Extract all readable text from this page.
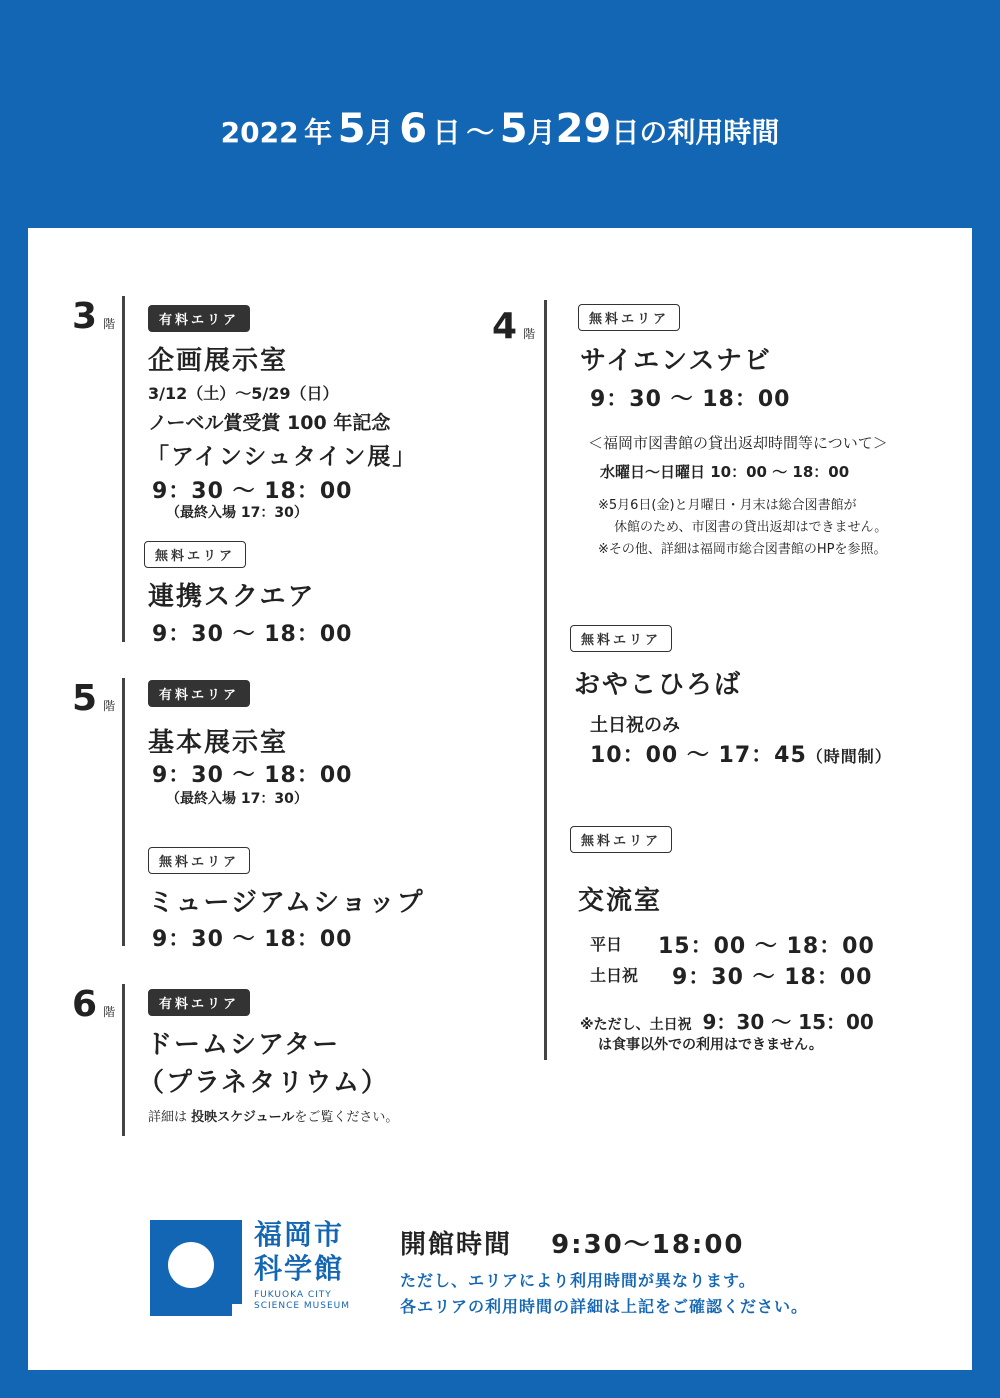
2022 年 5月 6 日 ～ 5月29日の利用時間
3 階	有料エリア
企画展示室
3/12（土）～5/29（日）
ノーベル賞受賞 100 年記念
「アインシュタイン展」
9：30 ～ 18：00
（最終入場 17：30）
無料エリア
連携スクエア
9：30 ～ 18：00
5 階
有料エリア
基本展示室
9：30 ～ 18：00
（最終入場 17：30）
無料エリア
ミュージアムショップ
9：30 ～ 18：00
6 階	有料エリア
ドームシアター
（プラネタリウム）
詳細は 投映スケジュールをご覧ください。
4 階
無料エリア
サイエンスナビ
9：30 ～ 18：00
＜福岡市図書館の貸出返却時間等について＞
水曜日～日曜日 10：00 ～ 18：00
※5月6日(金)と月曜日・月末は総合図書館が
休館のため、市図書の貸出返却はできません。
※その他、詳細は福岡市総合図書館のHPを参照。
無料エリア
おやこひろば
土日祝のみ
10：00 ～ 17：45（時間制）
無料エリア
交流室
平日 15：00 ～ 18：00
土日祝 9：30 ～ 18：00
※ただし、土日祝 9：30 ～ 15：00
は食事以外での利用はできません。
福岡市
科学館
FUKUOKA CITY
SCIENCE MUSEUM
開館時間 9:30～18:00
ただし、エリアにより利用時間が異なります。
各エリアの利用時間の詳細は上記をご確認ください。
